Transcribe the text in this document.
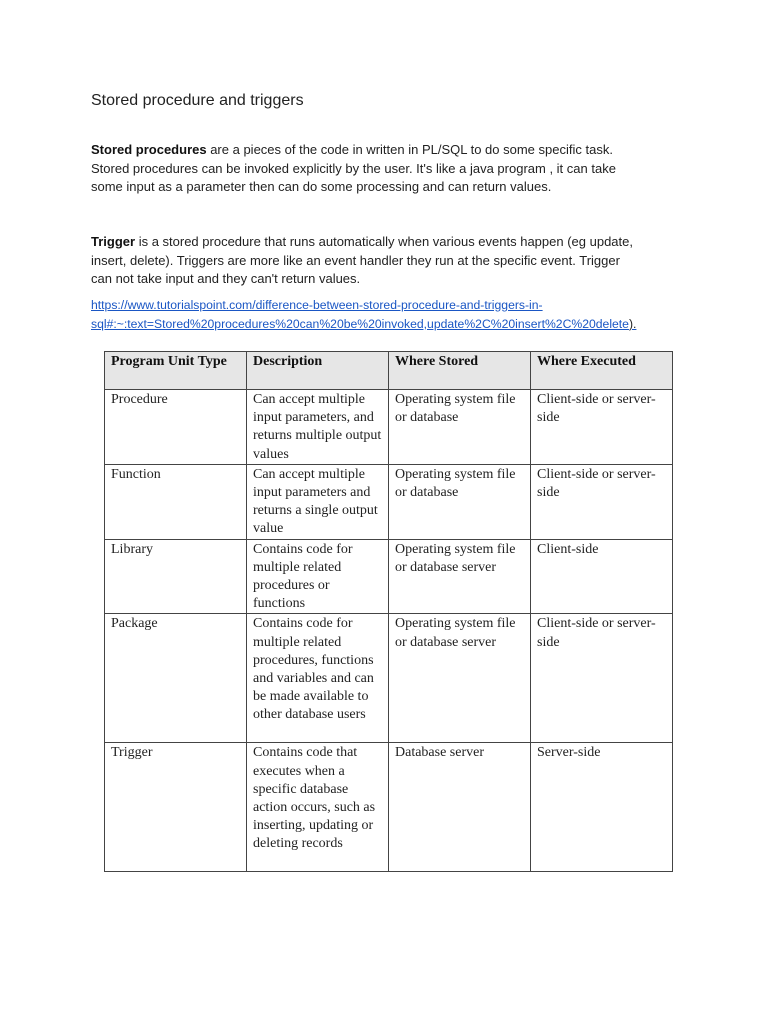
Stored procedure and triggers
Stored procedures are a pieces of the code in written in PL/SQL to do some specific task.
Stored procedures can be invoked explicitly by the user. It's like a java program , it can take
some input as a parameter then can do some processing and can return values.
Trigger is a stored procedure that runs automatically when various events happen (eg update,
insert, delete). Triggers are more like an event handler they run at the specific event. Trigger
can not take input and they can't return values.
https://www.tutorialspoint.com/difference-between-stored-procedure-and-triggers-in-
sql#:~:text=Stored%20procedures%20can%20be%20invoked,update%2C%20insert%2C%20delete).
Program Unit Type	Description	Where Stored	Where Executed
Procedure	Can accept multiple input parameters, and returns multiple output values	Operating system file or database	Client-side or server-side
Function	Can accept multiple input parameters and returns a single output value	Operating system file or database	Client-side or server-side
Library	Contains code for multiple related procedures or functions	Operating system file or database server	Client-side
Package	Contains code for multiple related procedures, functions and variables and can be made available to other database users	Operating system file or database server	Client-side or server-side
Trigger	Contains code that executes when a specific database action occurs, such as inserting, updating or deleting records	Database server	Server-side
